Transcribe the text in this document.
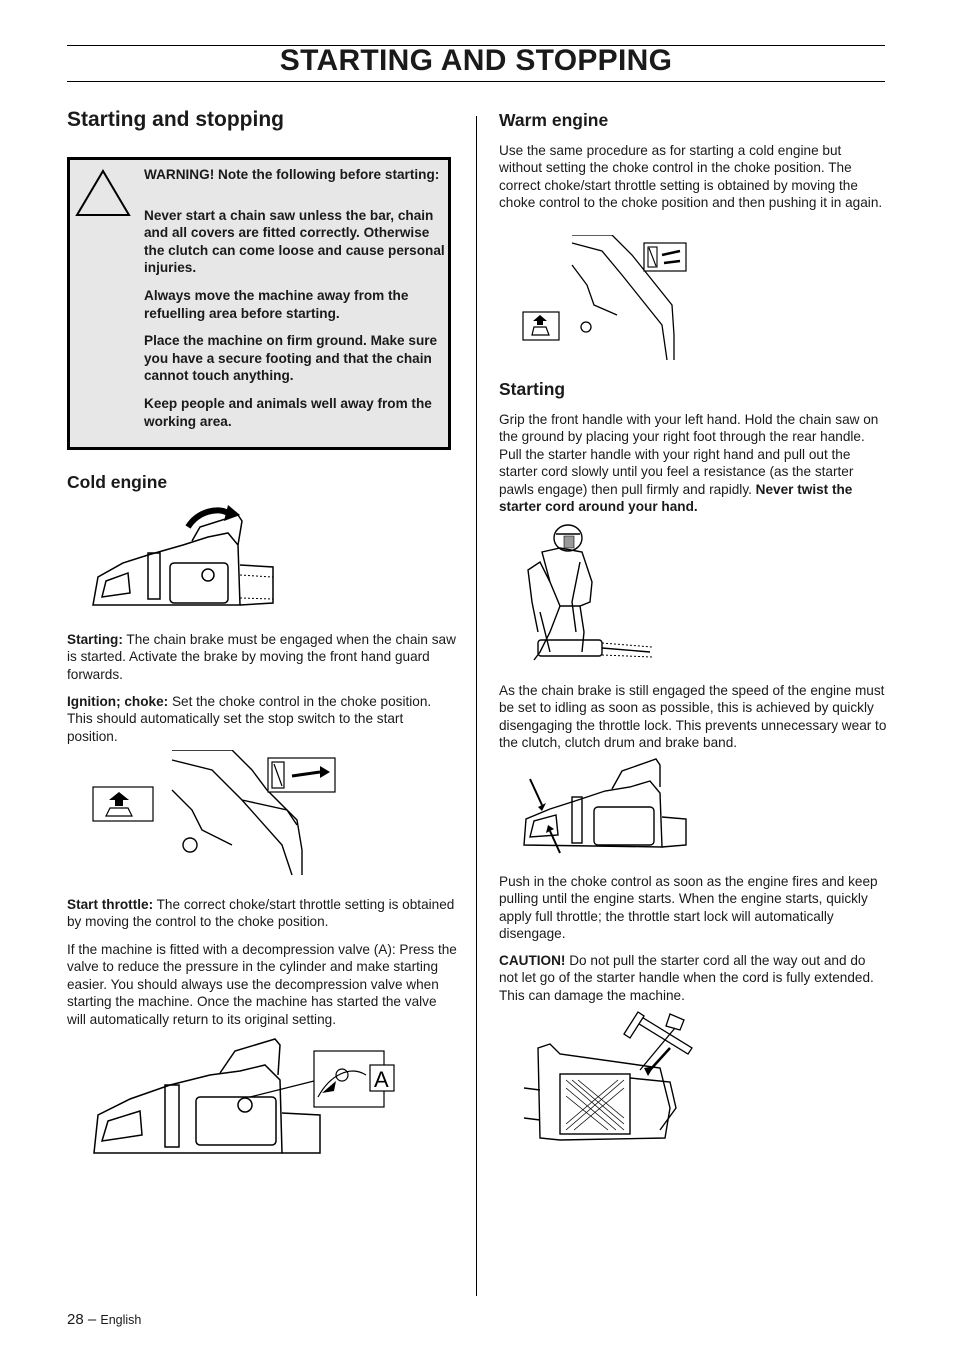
STARTING AND STOPPING
Starting and stopping

WARNING! Note the following before starting:

Never start a chain saw unless the bar, chain and all covers are fitted correctly. Otherwise the clutch can come loose and cause personal injuries.

Always move the machine away from the refuelling area before starting.

Place the machine on firm ground. Make sure you have a secure footing and that the chain cannot touch anything.

Keep people and animals well away from the working area.

Cold engine

Starting: The chain brake must be engaged when the chain saw is started. Activate the brake by moving the front hand guard forwards.

Ignition; choke: Set the choke control in the choke position. This should automatically set the stop switch to the start position.

Start throttle: The correct choke/start throttle setting is obtained by moving the control to the choke position.

If the machine is fitted with a decompression valve (A): Press the valve to reduce the pressure in the cylinder and make starting easier. You should always use the decompression valve when starting the machine. Once the machine has started the valve will automatically return to its original setting.

A
Warm engine

Use the same procedure as for starting a cold engine but without setting the choke control in the choke position. The correct choke/start throttle setting is obtained by moving the choke control to the choke position and then pushing it in again.

Starting

Grip the front handle with your left hand. Hold the chain saw on the ground by placing your right foot through the rear handle. Pull the starter handle with your right hand and pull out the starter cord slowly until you feel a resistance (as the starter pawls engage) then pull firmly and rapidly. Never twist the starter cord around your hand.

As the chain brake is still engaged the speed of the engine must be set to idling as soon as possible, this is achieved by quickly disengaging the throttle lock. This prevents unnecessary wear to the clutch, clutch drum and brake band.

Push in the choke control as soon as the engine fires and keep pulling until the engine starts. When the engine starts, quickly apply full throttle; the throttle start lock will automatically disengage.

CAUTION! Do not pull the starter cord all the way out and do not let go of the starter handle when the cord is fully extended. This can damage the machine.

28 – English
